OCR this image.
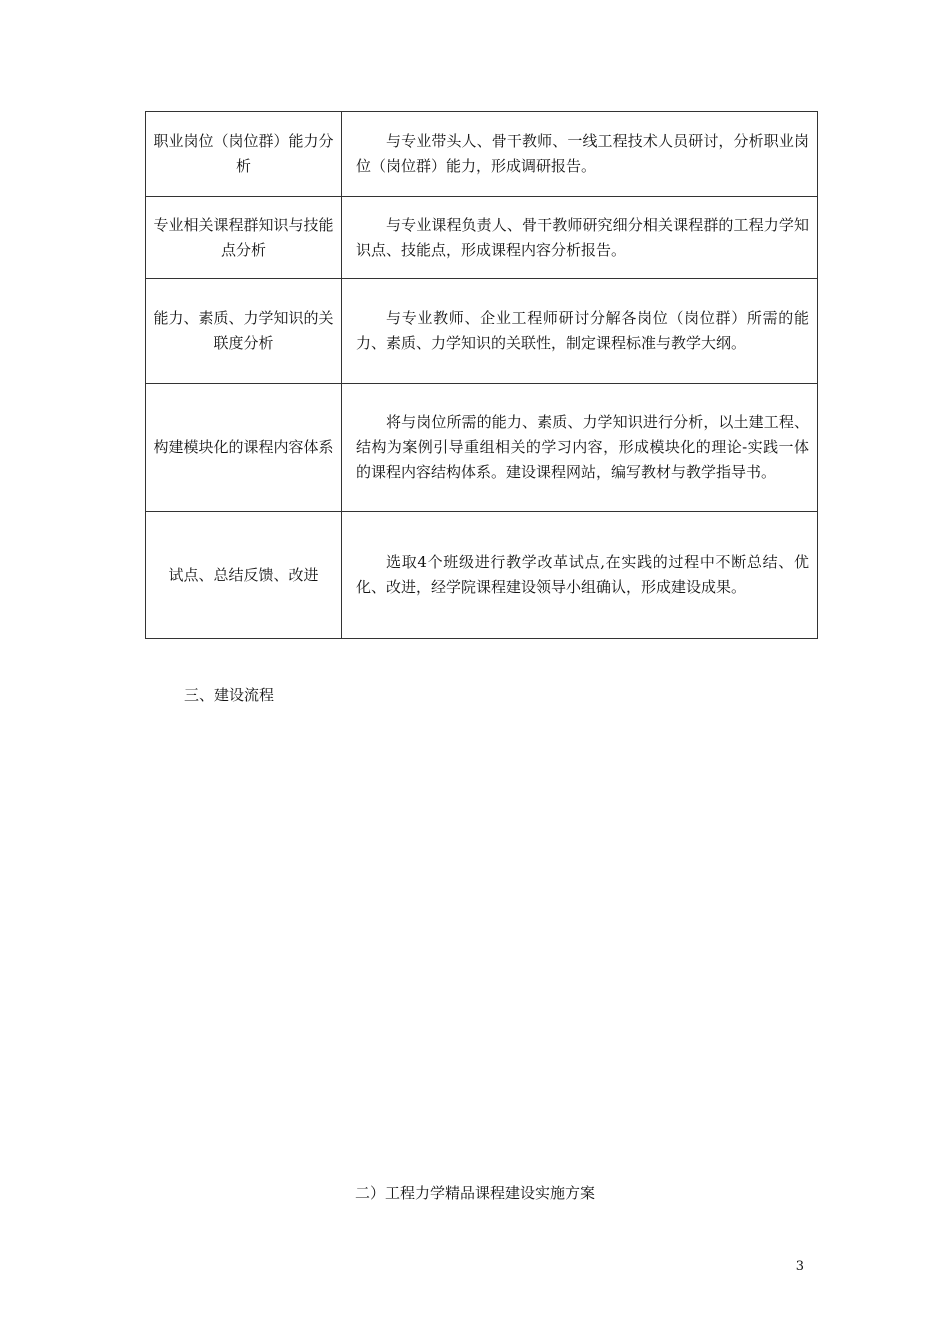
职业岗位（岗位群）能力分析	与专业带头人、骨干教师、一线工程技术人员研讨，分析职业岗位（岗位群）能力，形成调研报告。
专业相关课程群知识与技能点分析	与专业课程负责人、骨干教师研究细分相关课程群的工程力学知识点、技能点，形成课程内容分析报告。
能力、素质、力学知识的关联度分析	与专业教师、企业工程师研讨分解各岗位（岗位群）所需的能力、素质、力学知识的关联性，制定课程标准与教学大纲。
构建模块化的课程内容体系	将与岗位所需的能力、素质、力学知识进行分析，以土建工程、结构为案例引导重组相关的学习内容，形成模块化的理论-实践一体的课程内容结构体系。建设课程网站，编写教材与教学指导书。
试点、总结反馈、改进	选取4个班级进行教学改革试点,在实践的过程中不断总结、优化、改进，经学院课程建设领导小组确认，形成建设成果。
三、建设流程
二）工程力学精品课程建设实施方案
3
